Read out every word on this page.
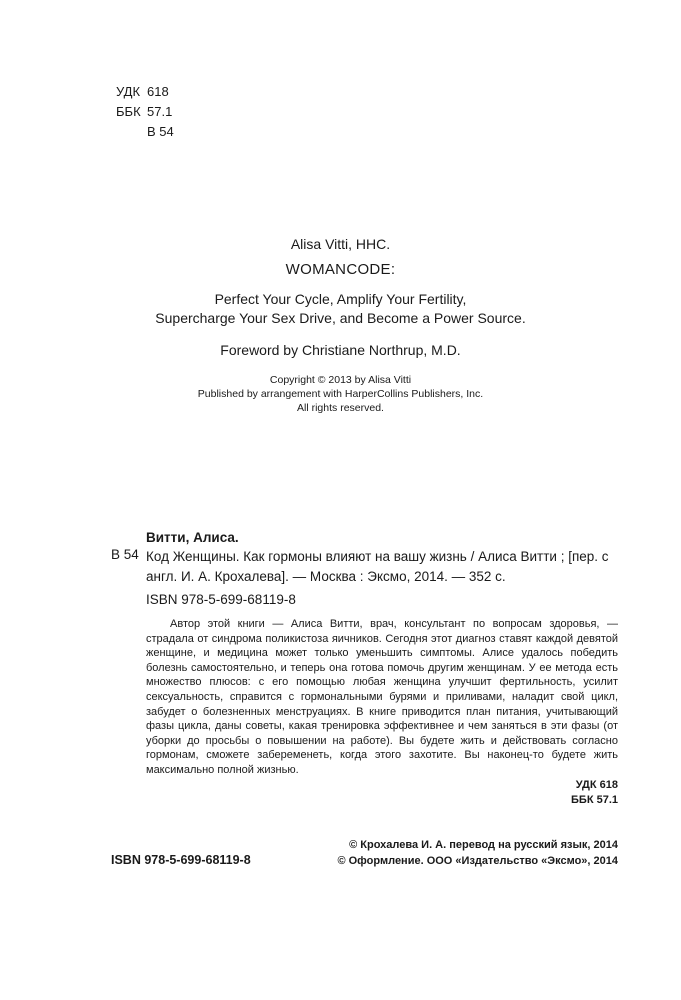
УДК 618
ББК 57.1
В 54
Alisa Vitti, HHC.
WOMANCODE:
Perfect Your Cycle, Amplify Your Fertility,
Supercharge Your Sex Drive, and Become a Power Source.
Foreword by Christiane Northrup, M.D.
Copyright © 2013 by Alisa Vitti
Published by arrangement with HarperCollins Publishers, Inc.
All rights reserved.
Витти, Алиса.
В 54 Код Женщины. Как гормоны влияют на вашу жизнь / Алиса Витти ; [пер. с англ. И. А. Крохалева]. — Москва : Эксмо, 2014. — 352 с.
ISBN 978-5-699-68119-8
Автор этой книги — Алиса Витти, врач, консультант по вопросам здоровья, — страдала от синдрома поликистоза яичников. Сегодня этот диагноз ставят каждой девятой женщине, и медицина может только уменьшить симптомы. Алисе удалось победить болезнь самостоятельно, и теперь она готова помочь другим женщинам. У ее метода есть множество плюсов: с его помощью любая женщина улучшит фертильность, усилит сексуальность, справится с гормональными бурями и приливами, наладит свой цикл, забудет о болезненных менструациях. В книге приводится план питания, учитывающий фазы цикла, даны советы, какая тренировка эффективнее и чем заняться в эти фазы (от уборки до просьбы о повышении на работе). Вы будете жить и действовать согласно гормонам, сможете забеременеть, когда этого захотите. Вы наконец-то будете жить максимально полной жизнью.
УДК 618
ББК 57.1
© Крохалева И. А. перевод на русский язык, 2014
© Оформление. ООО «Издательство «Эксмо», 2014
ISBN 978-5-699-68119-8
